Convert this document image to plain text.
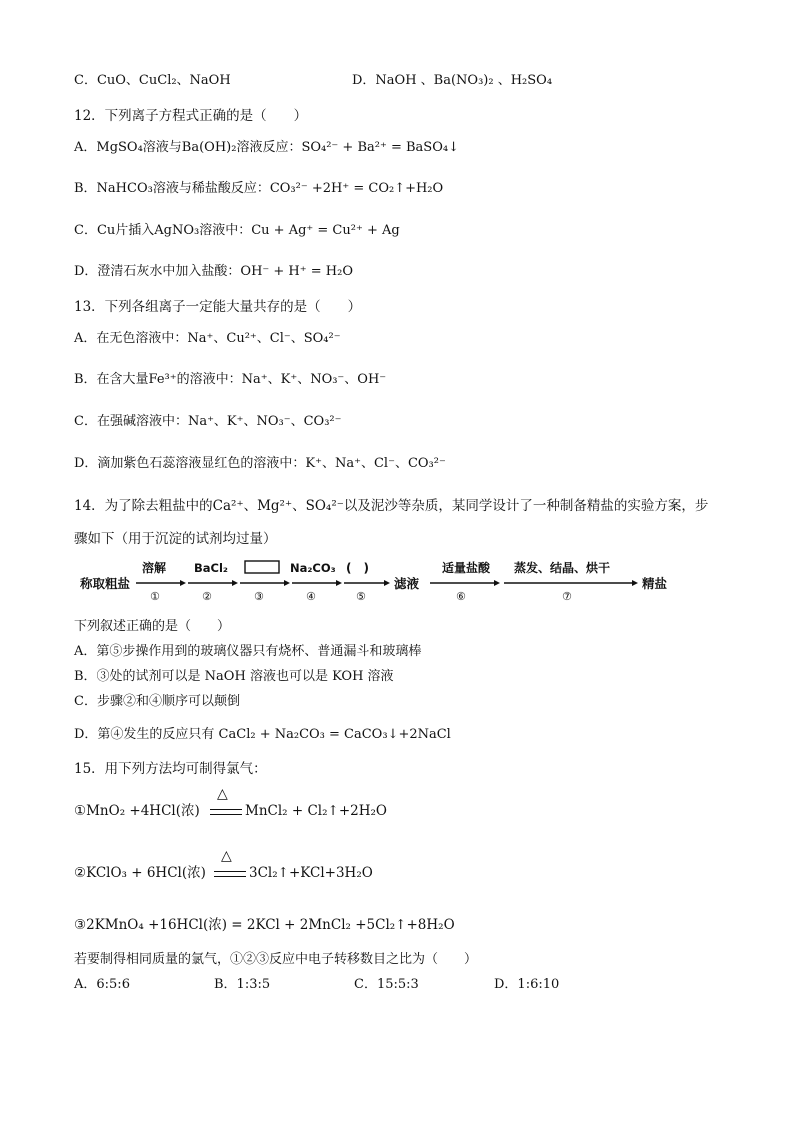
C．CuO、CuCl₂、NaOH	D．NaOH 、Ba(NO₃)₂ 、H₂SO₄
12．下列离子方程式正确的是（　　）
A．MgSO₄溶液与Ba(OH)₂溶液反应：SO₄²⁻ + Ba²⁺ = BaSO₄↓
B．NaHCO₃溶液与稀盐酸反应：CO₃²⁻ +2H⁺ = CO₂↑+H₂O
C．Cu片插入AgNO₃溶液中：Cu + Ag⁺ = Cu²⁺ + Ag
D．澄清石灰水中加入盐酸：OH⁻ + H⁺ = H₂O
13．下列各组离子一定能大量共存的是（　　）
A．在无色溶液中：Na⁺、Cu²⁺、Cl⁻、SO₄²⁻
B．在含大量Fe³⁺的溶液中：Na⁺、K⁺、NO₃⁻、OH⁻
C．在强碱溶液中：Na⁺、K⁺、NO₃⁻、CO₃²⁻
D．滴加紫色石蕊溶液显红色的溶液中：K⁺、Na⁺、Cl⁻、CO₃²⁻
14．为了除去粗盐中的Ca²⁺、Mg²⁺、SO₄²⁻以及泥沙等杂质，某同学设计了一种制备精盐的实验方案，步
骤如下（用于沉淀的试剂均过量）
称取粗盐
溶解
①
BaCl₂
②	③
Na₂CO₃
④
(　)
⑤
滤液
适量盐酸
⑥
蒸发、结晶、烘干
⑦
精盐
下列叙述正确的是（　　）
A．第⑤步操作用到的玻璃仪器只有烧杯、普通漏斗和玻璃棒
B．③处的试剂可以是 NaOH 溶液也可以是 KOH 溶液
C．步骤②和④顺序可以颠倒
D．第④发生的反应只有 CaCl₂ + Na₂CO₃ = CaCO₃↓+2NaCl
15．用下列方法均可制得氯气：
①MnO₂ +4HCl(浓)
△
MnCl₂ + Cl₂↑+2H₂O
②KClO₃ + 6HCl(浓)
△
3Cl₂↑+KCl+3H₂O
③2KMnO₄ +16HCl(浓) = 2KCl + 2MnCl₂ +5Cl₂↑+8H₂O
若要制得相同质量的氯气，①②③反应中电子转移数目之比为（　　）
A．6:5:6	B．1:3:5	C．15:5:3	D．1:6:10
